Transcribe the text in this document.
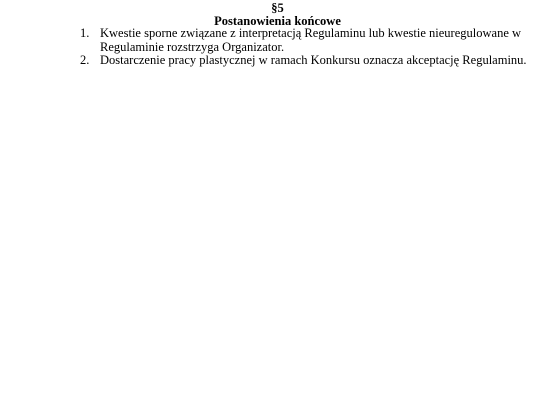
§5
Postanowienia końcowe
1. Kwestie sporne związane z interpretacją Regulaminu lub kwestie nieuregulowane w
Regulaminie rozstrzyga Organizator.
2. Dostarczenie pracy plastycznej w ramach Konkursu oznacza akceptację Regulaminu.
